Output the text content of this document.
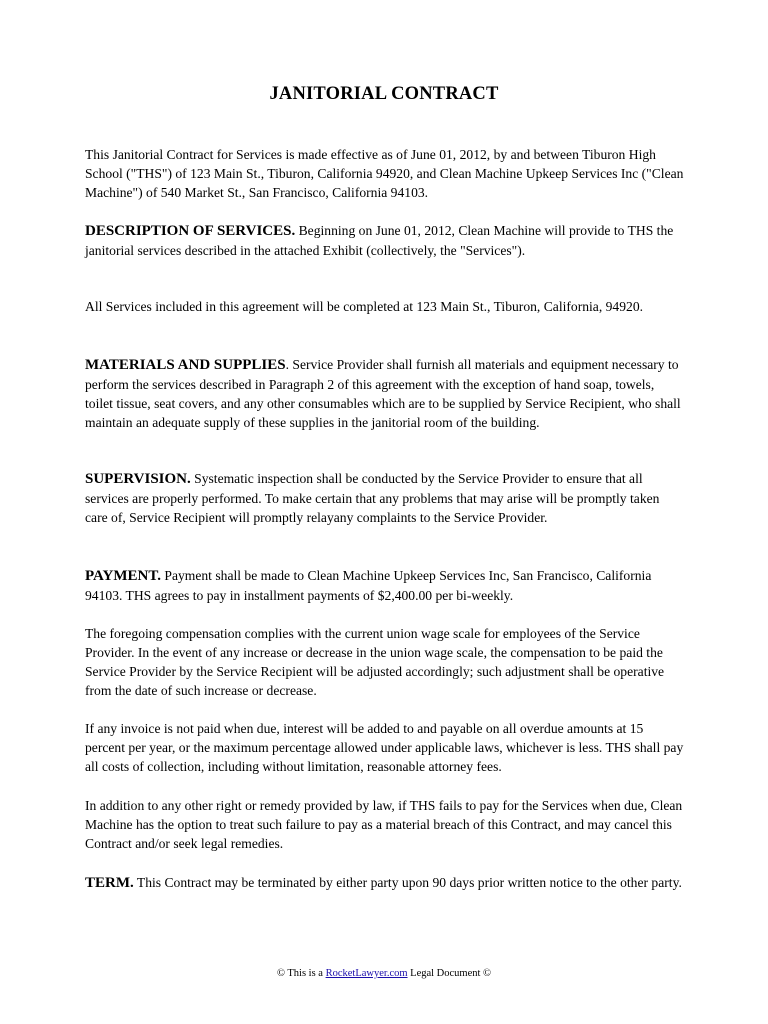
JANITORIAL CONTRACT

This Janitorial Contract for Services is made effective as of June 01, 2012, by and between Tiburon High School ("THS") of 123 Main St., Tiburon, California 94920, and Clean Machine Upkeep Services Inc ("Clean Machine") of 540 Market St., San Francisco, California 94103.

DESCRIPTION OF SERVICES. Beginning on June 01, 2012, Clean Machine will provide to THS the janitorial services described in the attached Exhibit (collectively, the "Services").

All Services included in this agreement will be completed at 123 Main St., Tiburon, California, 94920.

MATERIALS AND SUPPLIES. Service Provider shall furnish all materials and equipment necessary to perform the services described in Paragraph 2 of this agreement with the exception of hand soap, towels, toilet tissue, seat covers, and any other consumables which are to be supplied by Service Recipient, who shall maintain an adequate supply of these supplies in the janitorial room of the building.

SUPERVISION. Systematic inspection shall be conducted by the Service Provider to ensure that all services are properly performed. To make certain that any problems that may arise will be promptly taken care of, Service Recipient will promptly relayany complaints to the Service Provider.

PAYMENT. Payment shall be made to Clean Machine Upkeep Services Inc, San Francisco, California 94103. THS agrees to pay in installment payments of $2,400.00 per bi-weekly.

The foregoing compensation complies with the current union wage scale for employees of the Service Provider. In the event of any increase or decrease in the union wage scale, the compensation to be paid the Service Provider by the Service Recipient will be adjusted accordingly; such adjustment shall be operative from the date of such increase or decrease.

If any invoice is not paid when due, interest will be added to and payable on all overdue amounts at 15 percent per year, or the maximum percentage allowed under applicable laws, whichever is less. THS shall pay all costs of collection, including without limitation, reasonable attorney fees.

In addition to any other right or remedy provided by law, if THS fails to pay for the Services when due, Clean Machine has the option to treat such failure to pay as a material breach of this Contract, and may cancel this Contract and/or seek legal remedies.

TERM. This Contract may be terminated by either party upon 90 days prior written notice to the other party.

© This is a RocketLawyer.com Legal Document ©
